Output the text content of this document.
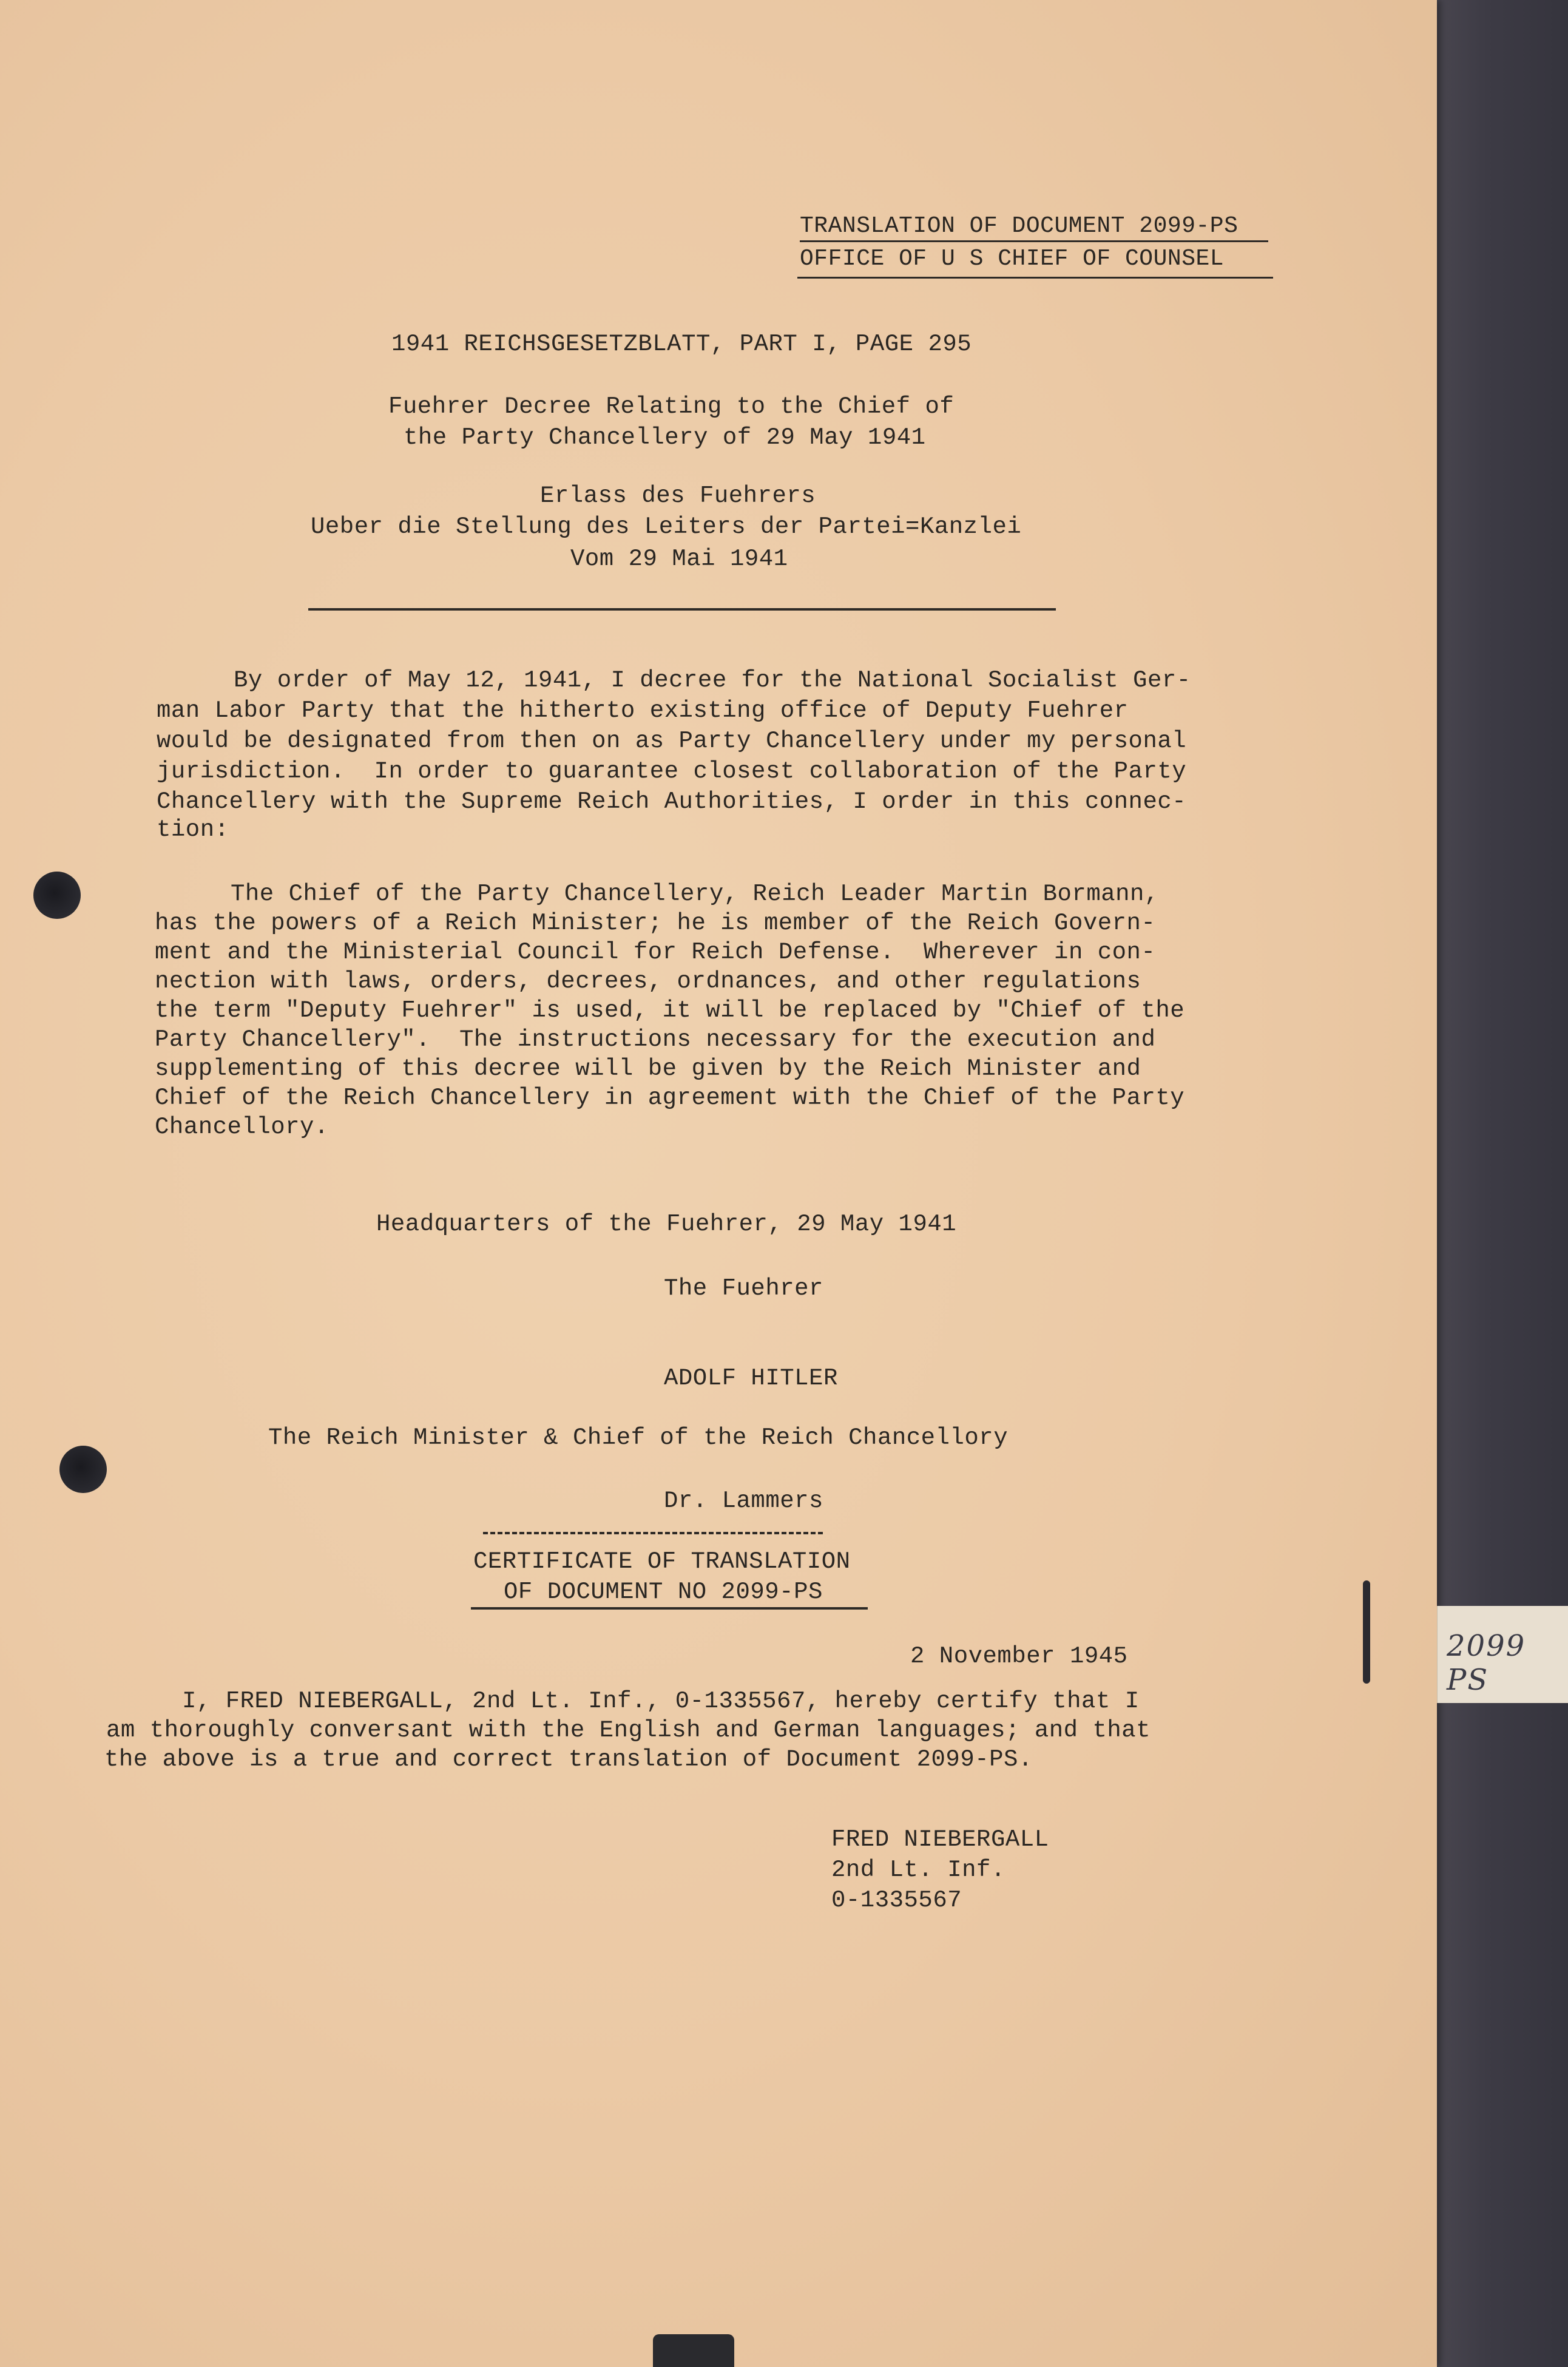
TRANSLATION OF DOCUMENT 2099-PS
OFFICE OF U S CHIEF OF COUNSEL
1941 REICHSGESETZBLATT, PART I, PAGE 295
Fuehrer Decree Relating to the Chief of
the Party Chancellery of 29 May 1941
Erlass des Fuehrers
Ueber die Stellung des Leiters der Partei=Kanzlei
Vom 29 Mai 1941
By order of May 12, 1941, I decree for the National Socialist Ger-
man Labor Party that the hitherto existing office of Deputy Fuehrer
would be designated from then on as Party Chancellery under my personal
jurisdiction.  In order to guarantee closest collaboration of the Party
Chancellery with the Supreme Reich Authorities, I order in this connec-
tion:
The Chief of the Party Chancellery, Reich Leader Martin Bormann,
has the powers of a Reich Minister; he is member of the Reich Govern-
ment and the Ministerial Council for Reich Defense.  Wherever in con-
nection with laws, orders, decrees, ordnances, and other regulations
the term "Deputy Fuehrer" is used, it will be replaced by "Chief of the
Party Chancellery".  The instructions necessary for the execution and
supplementing of this decree will be given by the Reich Minister and
Chief of the Reich Chancellery in agreement with the Chief of the Party
Chancellory.
Headquarters of the Fuehrer, 29 May 1941
The Fuehrer
ADOLF HITLER
The Reich Minister & Chief of the Reich Chancellory
Dr. Lammers
CERTIFICATE OF TRANSLATION
OF DOCUMENT NO 2099-PS
2 November 1945
I, FRED NIEBERGALL, 2nd Lt. Inf., 0-1335567, hereby certify that I
am thoroughly conversant with the English and German languages; and that
the above is a true and correct translation of Document 2099-PS.
FRED NIEBERGALL
2nd Lt. Inf.
0-1335567
2099 PS
